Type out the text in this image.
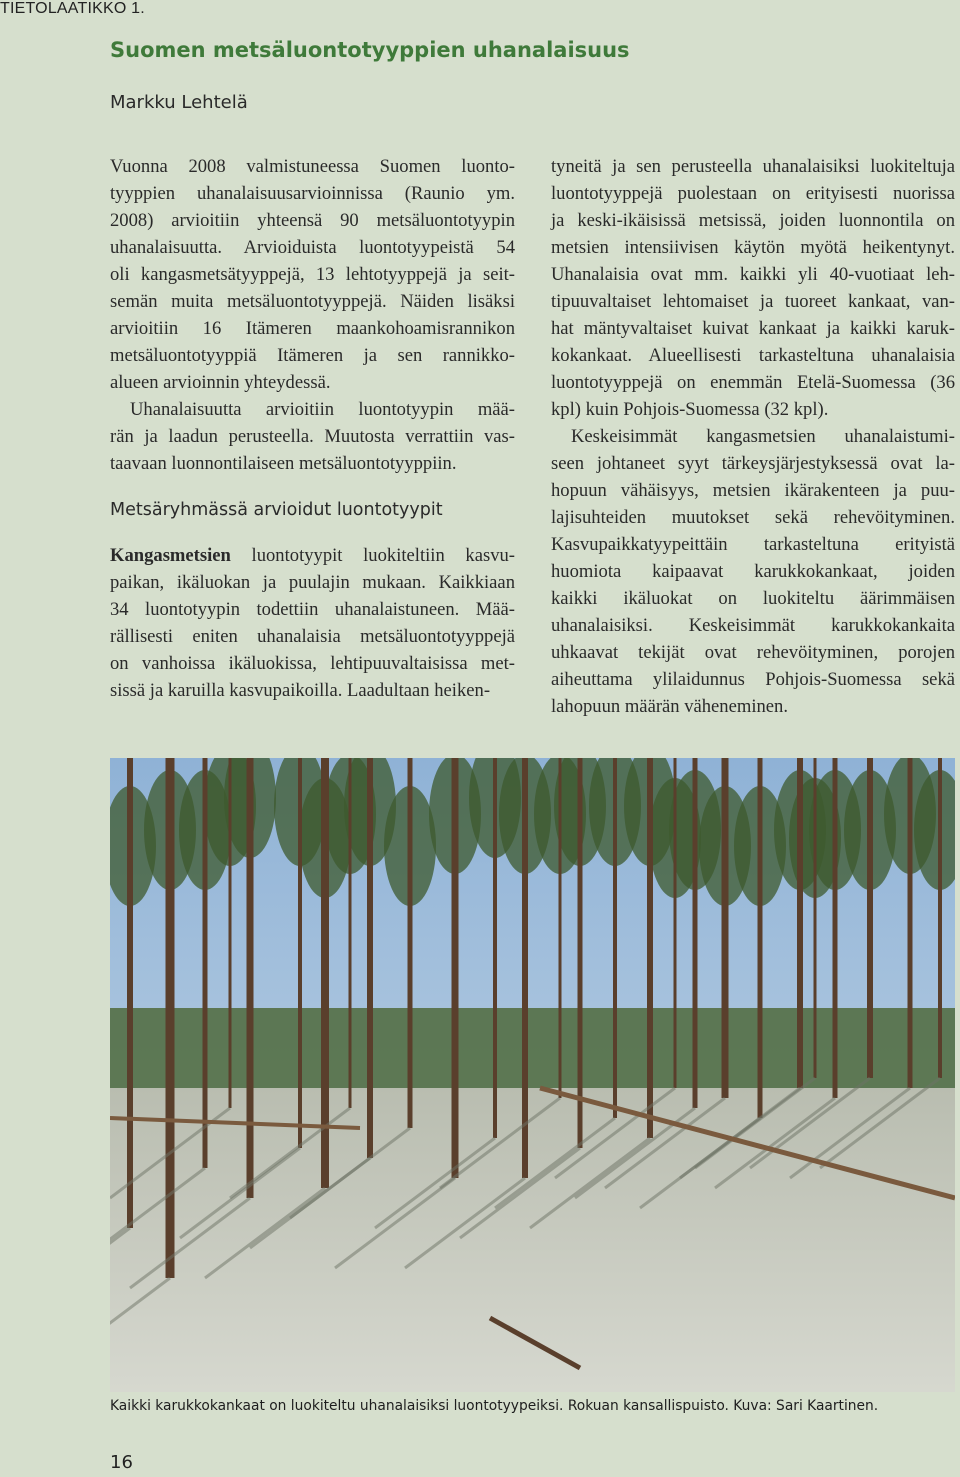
TIETOLAATIKKO 1.
Suomen metsäluontotyyppien uhanalaisuus
Markku Lehtelä
Vuonna 2008 valmistuneessa Suomen luonto-
tyyppien uhanalaisuusarvioinnissa (Raunio ym.
2008) arvioitiin yhteensä 90 metsäluontotyypin
uhanalaisuutta. Arvioiduista luontotyypeistä 54
oli kangasmetsätyyppejä, 13 lehtotyyppejä ja seit-
semän muita metsäluontotyyppejä. Näiden lisäksi
arvioitiin 16 Itämeren maankohoamisrannikon
metsäluontotyyppiä Itämeren ja sen rannikko-
alueen arvioinnin yhteydessä.
Uhanalaisuutta arvioitiin luontotyypin mää-
rän ja laadun perusteella. Muutosta verrattiin vas-
taavaan luonnontilaiseen metsäluontotyyppiin.
Metsäryhmässä arvioidut luontotyypit
Kangasmetsien luontotyypit luokiteltiin kasvu-
paikan, ikäluokan ja puulajin mukaan. Kaikkiaan
34 luontotyypin todettiin uhanalaistuneen. Mää-
rällisesti eniten uhanalaisia metsäluontotyyppejä
on vanhoissa ikäluokissa, lehtipuuvaltaisissa met-
sissä ja karuilla kasvupaikoilla. Laadultaan heiken-
tyneitä ja sen perusteella uhanalaisiksi luokiteltuja
luontotyyppejä puolestaan on erityisesti nuorissa
ja keski-ikäisissä metsissä, joiden luonnontila on
metsien intensiivisen käytön myötä heikentynyt.
Uhanalaisia ovat mm. kaikki yli 40-vuotiaat leh-
tipuuvaltaiset lehtomaiset ja tuoreet kankaat, van-
hat mäntyvaltaiset kuivat kankaat ja kaikki karuk-
kokankaat. Alueellisesti tarkasteltuna uhanalaisia
luontotyyppejä on enemmän Etelä-Suomessa (36
kpl) kuin Pohjois-Suomessa (32 kpl).
Keskeisimmät kangasmetsien uhanalaistumi-
seen johtaneet syyt tärkeysjärjestyksessä ovat la-
hopuun vähäisyys, metsien ikärakenteen ja puu-
lajisuhteiden muutokset sekä rehevöityminen.
Kasvupaikkatyypeittäin tarkasteltuna erityistä
huomiota kaipaavat karukkokankaat, joiden
kaikki ikäluokat on luokiteltu äärimmäisen
uhanalaisiksi. Keskeisimmät karukkokankaita
uhkaavat tekijät ovat rehevöityminen, porojen
aiheuttama ylilaidunnus Pohjois-Suomessa sekä
lahopuun määrän väheneminen.
Kaikki karukkokankaat on luokiteltu uhanalaisiksi luontotyypeiksi. Rokuan kansallispuisto. Kuva: Sari Kaartinen.
16
